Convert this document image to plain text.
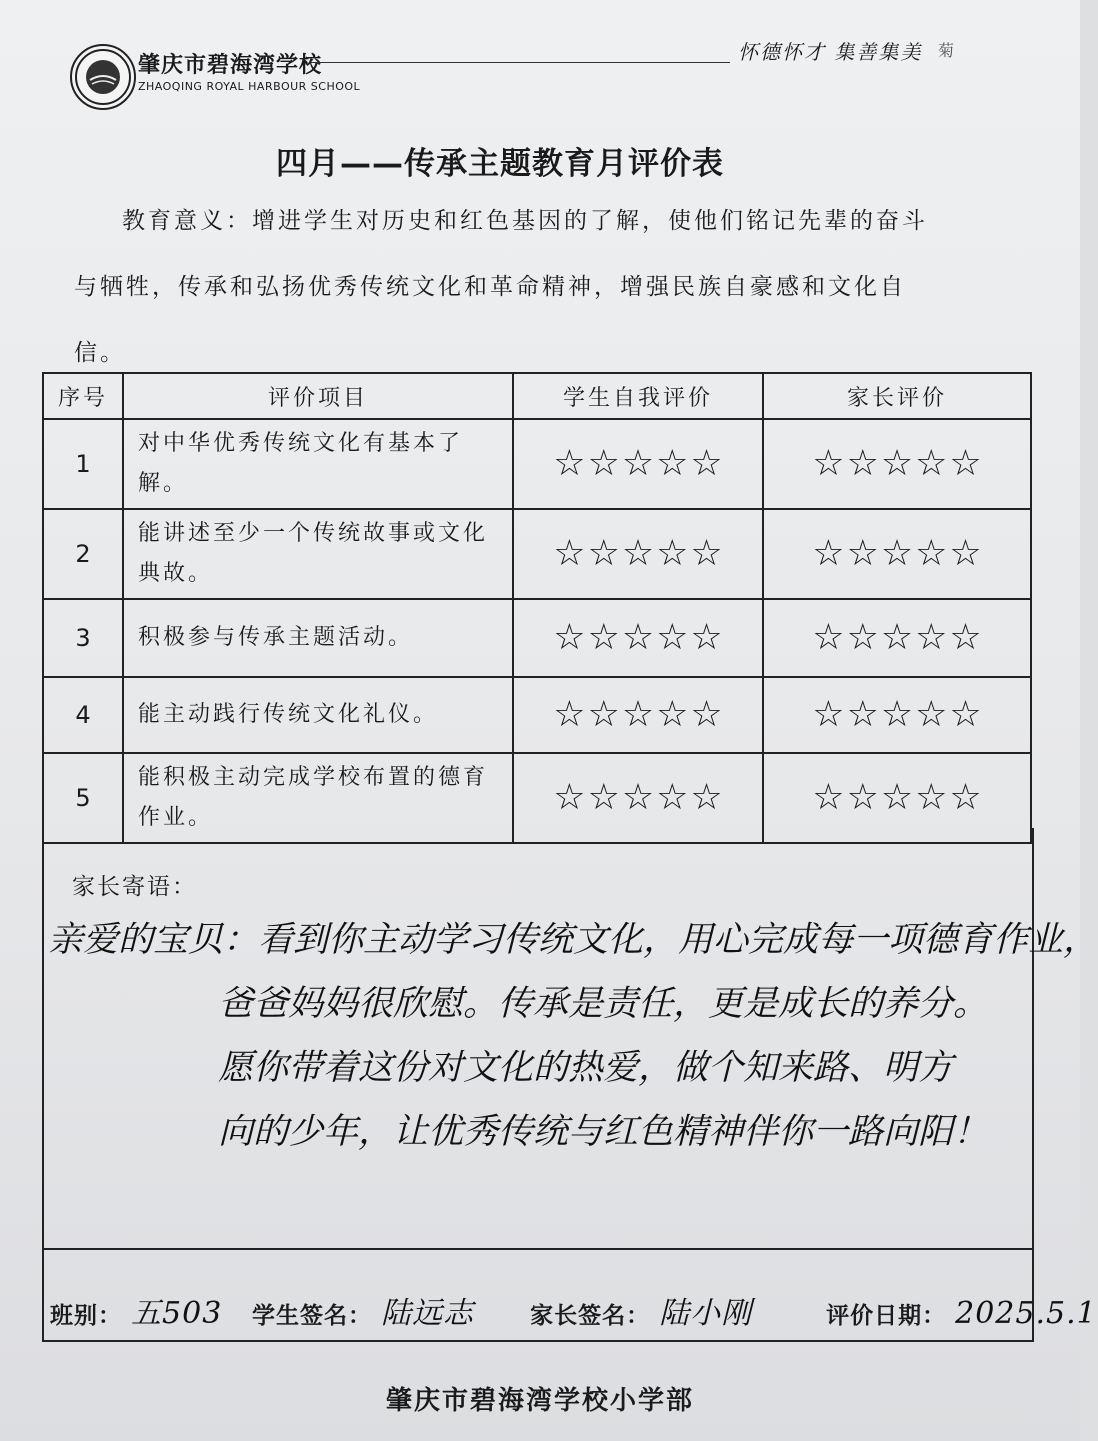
肇庆市碧海湾学校
ZHAOQING ROYAL HARBOUR SCHOOL
怀德怀才 集善集美 菊
四月——传承主题教育月评价表
教育意义：增进学生对历史和红色基因的了解，使他们铭记先辈的奋斗与牺牲，传承和弘扬优秀传统文化和革命精神，增强民族自豪感和文化自信。
序号	评价项目	学生自我评价	家长评价
1	对中华优秀传统文化有基本了解。	☆☆☆☆☆	☆☆☆☆☆
2	能讲述至少一个传统故事或文化典故。	☆☆☆☆☆	☆☆☆☆☆
3	积极参与传承主题活动。	☆☆☆☆☆	☆☆☆☆☆
4	能主动践行传统文化礼仪。	☆☆☆☆☆	☆☆☆☆☆
5	能积极主动完成学校布置的德育作业。	☆☆☆☆☆	☆☆☆☆☆
家长寄语：
亲爱的宝贝：看到你主动学习传统文化，用心完成每一项德育作业，
爸爸妈妈很欣慰。传承是责任，更是成长的养分。
愿你带着这份对文化的热爱，做个知来路、明方
向的少年，让优秀传统与红色精神伴你一路向阳！
班别： 五503 学生签名： 陆远志 家长签名： 陆小刚	评价日期： 2025.5.1
肇庆市碧海湾学校小学部
